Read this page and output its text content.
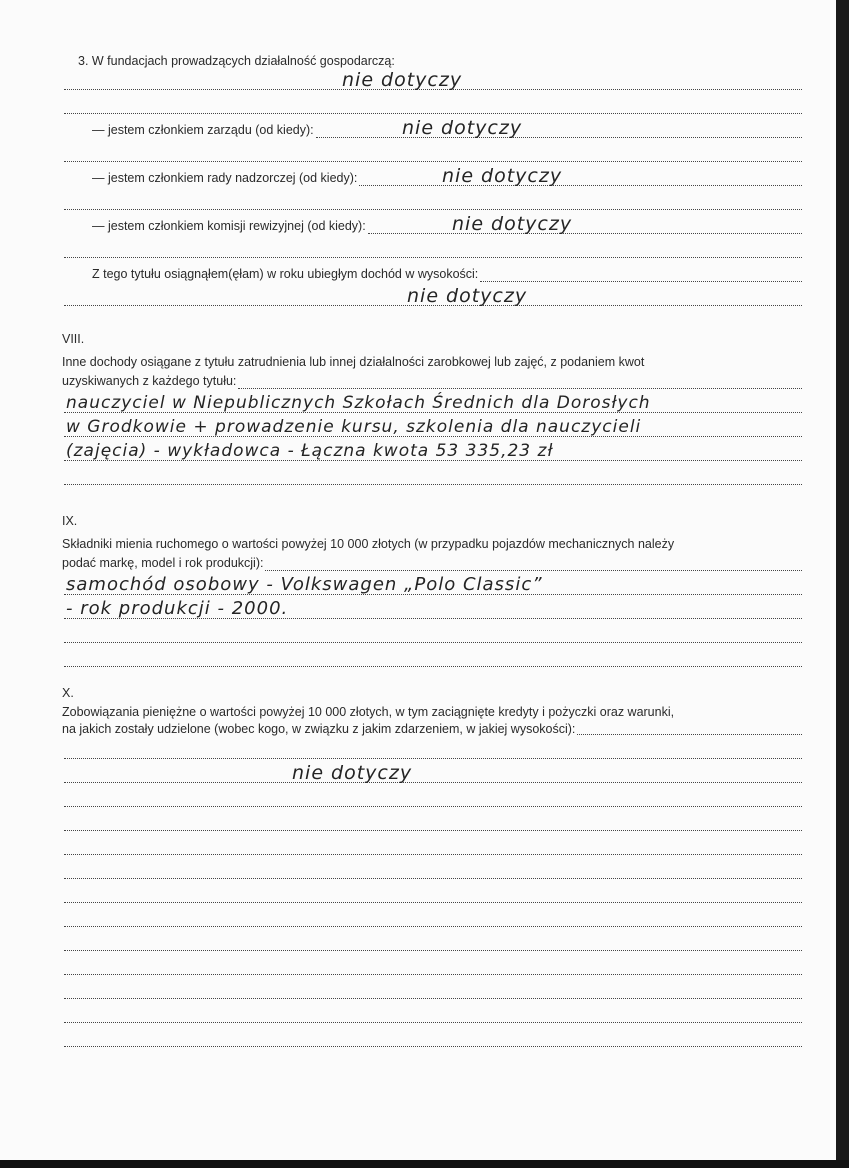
3. W fundacjach prowadzących działalność gospodarczą:
nie dotyczy
— jestem członkiem zarządu (od kiedy):	nie dotyczy
— jestem członkiem rady nadzorczej (od kiedy):	nie dotyczy
— jestem członkiem komisji rewizyjnej (od kiedy):	nie dotyczy
Z tego tytułu osiągnąłem(ęłam) w roku ubiegłym dochód w wysokości:
nie dotyczy
VIII.
Inne dochody osiągane z tytułu zatrudnienia lub innej działalności zarobkowej lub zajęć, z podaniem kwot
uzyskiwanych z każdego tytułu:
nauczyciel w Niepublicznych Szkołach Średnich dla Dorosłych
w Grodkowie + prowadzenie kursu, szkolenia dla nauczycieli
(zajęcia) - wykładowca - Łączna kwota 53 335,23 zł
IX.
Składniki mienia ruchomego o wartości powyżej 10 000 złotych (w przypadku pojazdów mechanicznych należy
podać markę, model i rok produkcji):
samochód osobowy - Volkswagen „Polo Classic”
- rok produkcji - 2000.
X.
Zobowiązania pieniężne o wartości powyżej 10 000 złotych, w tym zaciągnięte kredyty i pożyczki oraz warunki,
na jakich zostały udzielone (wobec kogo, w związku z jakim zdarzeniem, w jakiej wysokości):
nie dotyczy
